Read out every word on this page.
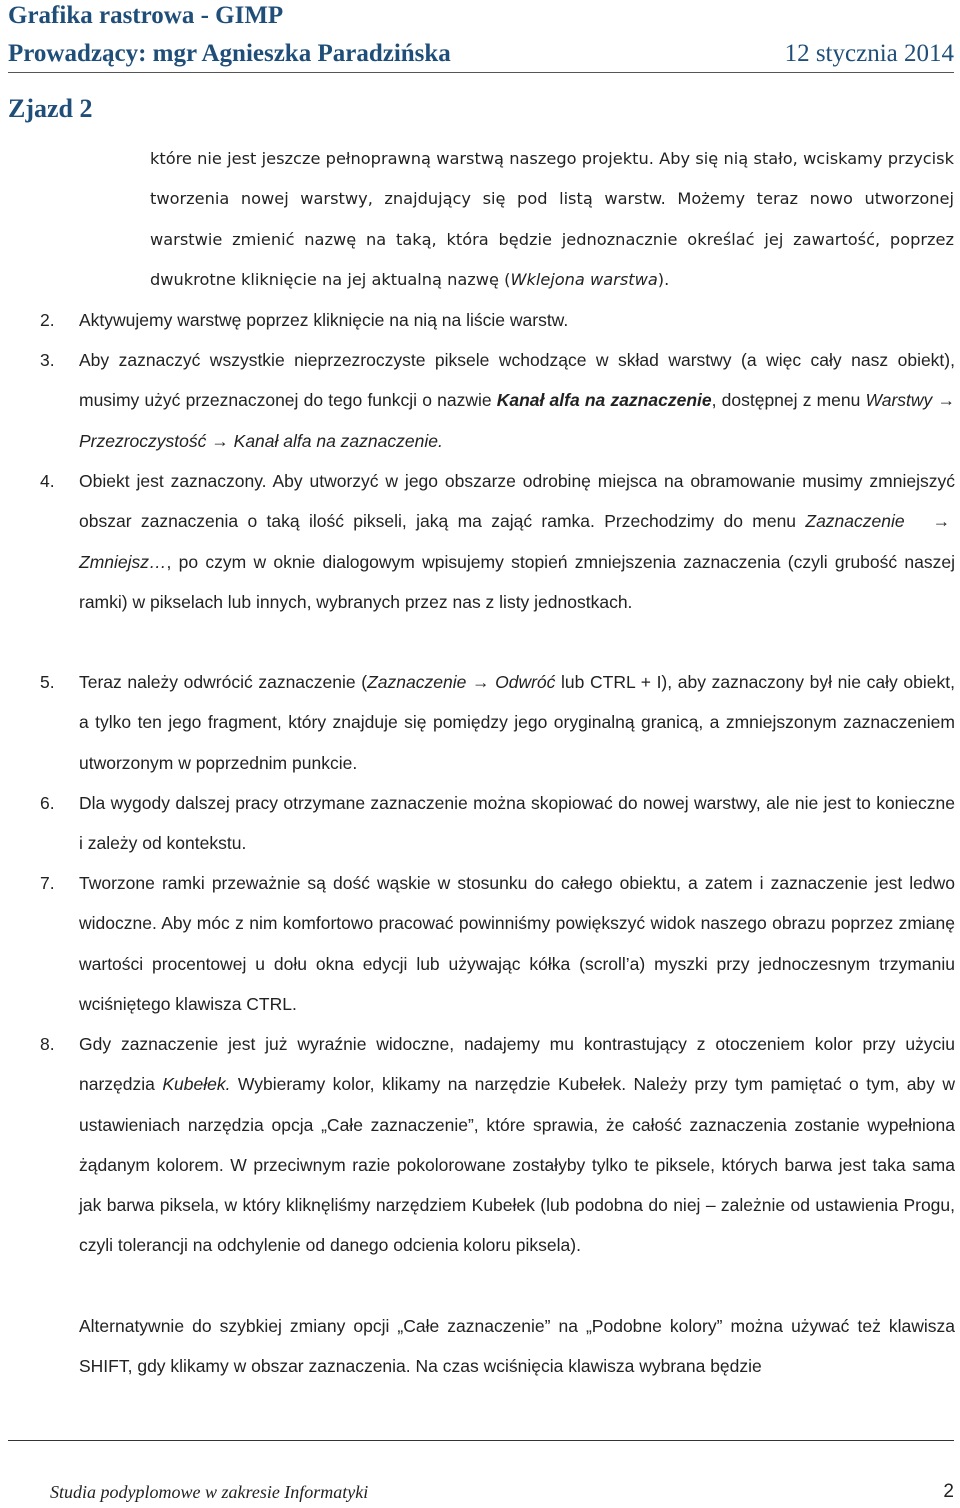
Grafika rastrowa - GIMP
Prowadzący: mgr Agnieszka Paradzińska	12 stycznia 2014
Zjazd 2
które nie jest jeszcze pełnoprawną warstwą naszego projektu. Aby się nią stało, wciskamy przycisk tworzenia nowej warstwy, znajdujący się pod listą warstw. Możemy teraz nowo utworzonej warstwie zmienić nazwę na taką, która będzie jednoznacznie określać jej zawartość, poprzez dwukrotne kliknięcie na jej aktualną nazwę (Wklejona warstwa).
2. Aktywujemy warstwę poprzez kliknięcie na nią na liście warstw.
3. Aby zaznaczyć wszystkie nieprzezroczyste piksele wchodzące w skład warstwy (a więc cały nasz obiekt), musimy użyć przeznaczonej do tego funkcji o nazwie Kanał alfa na zaznaczenie, dostępnej z menu Warstwy → Przezroczystość → Kanał alfa na zaznaczenie.
4. Obiekt jest zaznaczony. Aby utworzyć w jego obszarze odrobinę miejsca na obramowanie musimy zmniejszyć obszar zaznaczenia o taką ilość pikseli, jaką ma zająć ramka. Przechodzimy do menu Zaznaczenie →  Zmniejsz…, po czym w oknie dialogowym wpisujemy stopień zmniejszenia zaznaczenia (czyli grubość naszej ramki) w pikselach lub innych, wybranych przez nas z listy jednostkach.
5. Teraz należy odwrócić zaznaczenie (Zaznaczenie → Odwróć lub CTRL + I), aby zaznaczony był nie cały obiekt, a tylko ten jego fragment, który znajduje się pomiędzy jego oryginalną granicą, a zmniejszonym zaznaczeniem utworzonym w poprzednim punkcie.
6. Dla wygody dalszej pracy otrzymane zaznaczenie można skopiować do nowej warstwy, ale nie jest to konieczne i zależy od kontekstu.
7. Tworzone ramki przeważnie są dość wąskie w stosunku do całego obiektu, a zatem i zaznaczenie jest ledwo widoczne. Aby móc z nim komfortowo pracować powinniśmy powiększyć widok naszego obrazu poprzez zmianę wartości procentowej u dołu okna edycji lub używając kółka (scroll’a) myszki przy jednoczesnym trzymaniu wciśniętego klawisza CTRL.
8. Gdy zaznaczenie jest już wyraźnie widoczne, nadajemy mu kontrastujący z otoczeniem kolor przy użyciu narzędzia Kubełek. Wybieramy kolor, klikamy na narzędzie Kubełek. Należy przy tym pamiętać o tym, aby w ustawieniach narzędzia opcja „Całe zaznaczenie”, które sprawia, że całość zaznaczenia zostanie wypełniona żądanym kolorem. W przeciwnym razie pokolorowane zostałyby tylko te piksele, których barwa jest taka sama jak barwa piksela, w który kliknęliśmy narzędziem Kubełek (lub podobna do niej – zależnie od ustawienia Progu, czyli tolerancji na odchylenie od danego odcienia koloru piksela).
Alternatywnie do szybkiej zmiany opcji „Całe zaznaczenie” na „Podobne kolory” można używać też klawisza SHIFT, gdy klikamy w obszar zaznaczenia. Na czas wciśnięcia klawisza wybrana będzie
Studia podyplomowe w zakresie Informatyki	2
